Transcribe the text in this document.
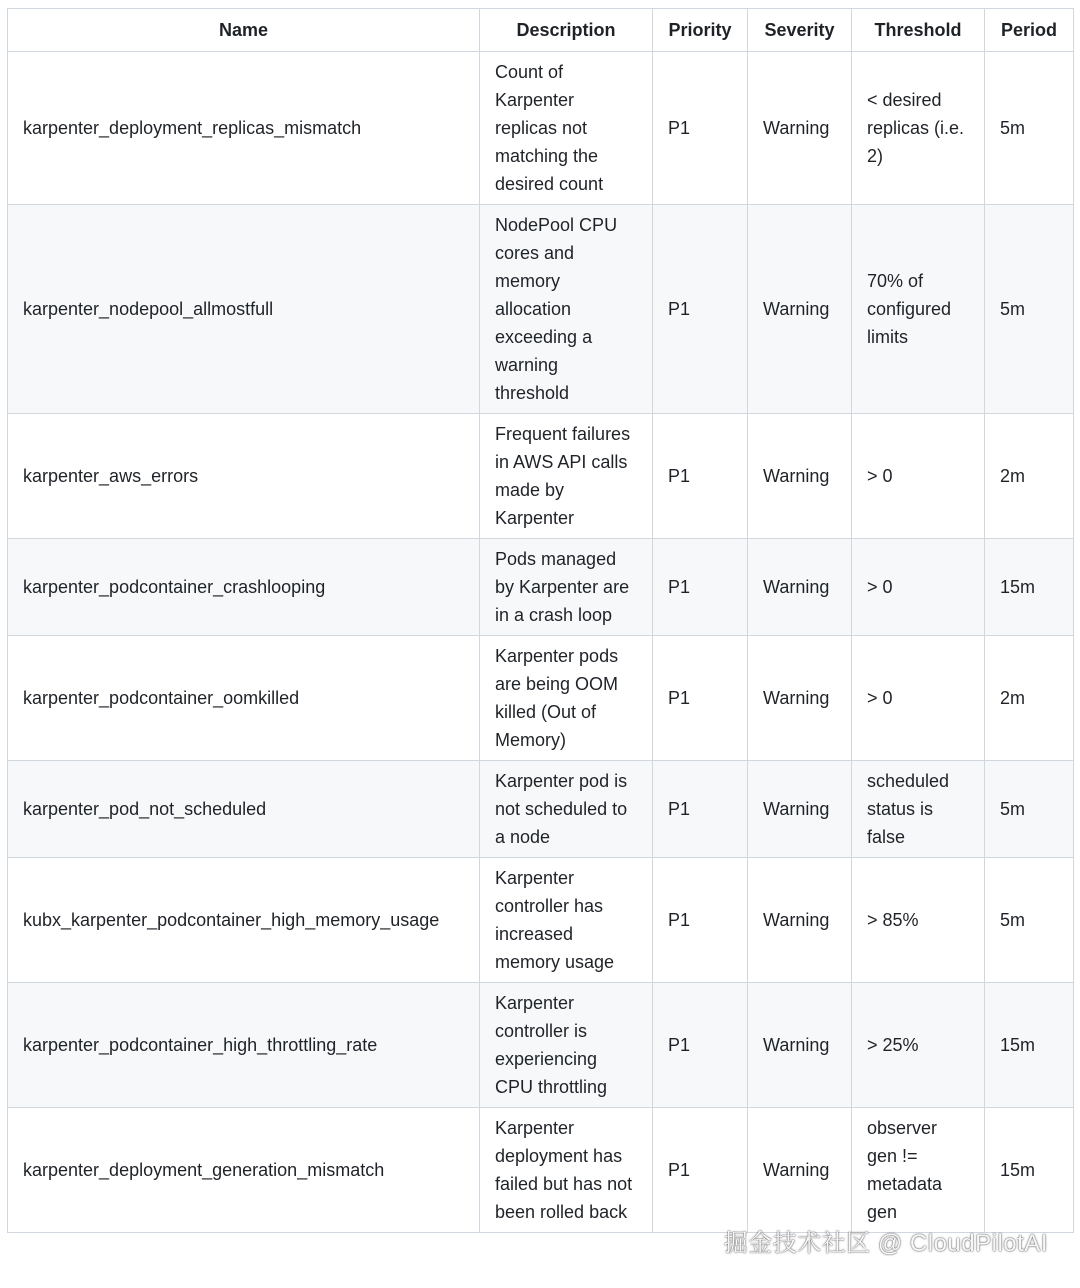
Name	Description	Priority	Severity	Threshold	Period
karpenter_deployment_replicas_mismatch	Count of Karpenter replicas not matching the desired count	P1	Warning	< desired replicas (i.e. 2)	5m
karpenter_nodepool_allmostfull	NodePool CPU cores and memory allocation exceeding a warning threshold	P1	Warning	70% of configured limits	5m
karpenter_aws_errors	Frequent failures in AWS API calls made by Karpenter	P1	Warning	> 0	2m
karpenter_podcontainer_crashlooping	Pods managed by Karpenter are in a crash loop	P1	Warning	> 0	15m
karpenter_podcontainer_oomkilled	Karpenter pods are being OOM killed (Out of Memory)	P1	Warning	> 0	2m
karpenter_pod_not_scheduled	Karpenter pod is not scheduled to a node	P1	Warning	scheduled status is false	5m
kubx_karpenter_podcontainer_high_memory_usage	Karpenter controller has increased memory usage	P1	Warning	> 85%	5m
karpenter_podcontainer_high_throttling_rate	Karpenter controller is experiencing CPU throttling	P1	Warning	> 25%	15m
karpenter_deployment_generation_mismatch	Karpenter deployment has failed but has not been rolled back	P1	Warning	observer gen != metadata gen	15m
掘金技术社区 @ CloudPilotAI
